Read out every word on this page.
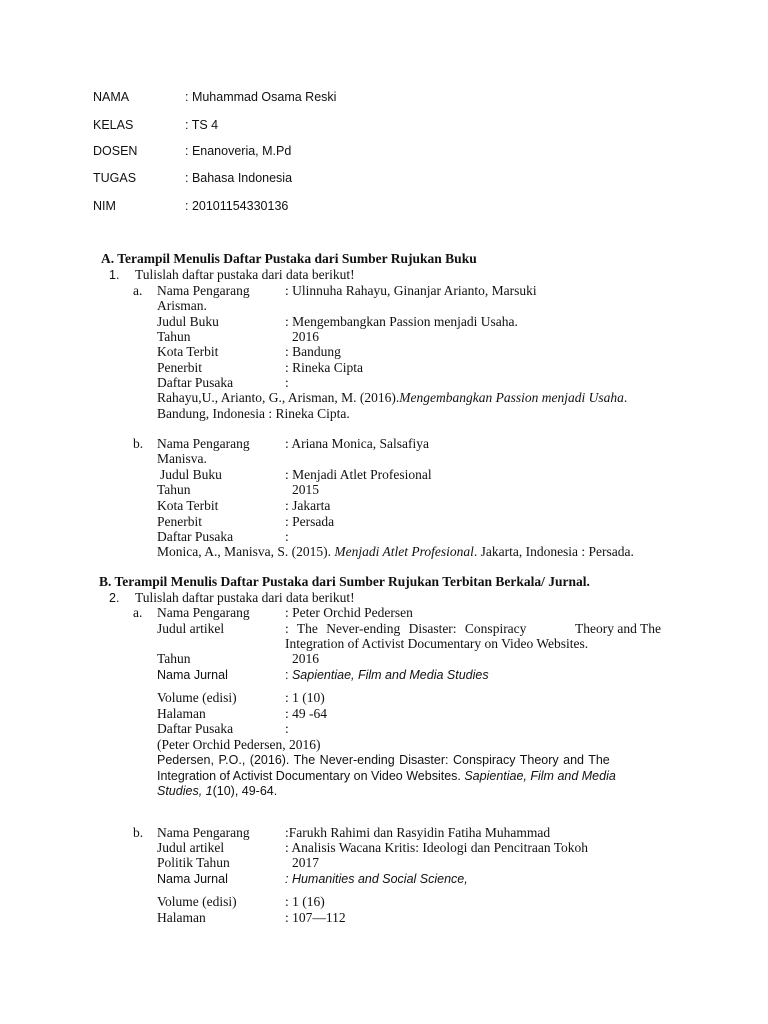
NAMA	: Muhammad Osama Reski
KELAS	: TS 4
DOSEN	: Enanoveria, M.Pd
TUGAS	: Bahasa Indonesia
NIM	: 20101154330136
A. Terampil Menulis Daftar Pustaka dari Sumber Rujukan Buku
1. Tulislah daftar pustaka dari data berikut!
a. Nama Pengarang	: Ulinnuha Rahayu, Ginanjar Arianto, Marsuki
Arisman.
Judul Buku	: Mengembangkan Passion menjadi Usaha.
Tahun	2016
Kota Terbit	: Bandung
Penerbit	: Rineka Cipta
Daftar Pusaka	:
Rahayu,U., Arianto, G., Arisman, M. (2016).Mengembangkan Passion menjadi Usaha.
Bandung, Indonesia : Rineka Cipta.
b. Nama Pengarang	: Ariana Monica, Salsafiya
Manisva.
Judul Buku	: Menjadi Atlet Profesional
Tahun	2015
Kota Terbit	: Jakarta
Penerbit	: Persada
Daftar Pusaka	:
Monica, A., Manisva, S. (2015). Menjadi Atlet Profesional. Jakarta, Indonesia : Persada.
B. Terampil Menulis Daftar Pustaka dari Sumber Rujukan Terbitan Berkala/ Jurnal.
2. Tulislah daftar pustaka dari data berikut!
a. Nama Pengarang	: Peter Orchid Pedersen
Judul artikel	: The Never-ending Disaster: Conspiracy	Theory and The
Integration of Activist Documentary on Video Websites.
Tahun	2016
Nama Jurnal	: Sapientiae, Film and Media Studies
Volume (edisi)	: 1 (10)
Halaman	: 49 -64
Daftar Pusaka	:
(Peter Orchid Pedersen, 2016)
Pedersen, P.O., (2016). The Never-ending Disaster: Conspiracy Theory and The
Integration of Activist Documentary on Video Websites. Sapientiae, Film and Media
Studies, 1(10), 49-64.
b. Nama Pengarang	:Farukh Rahimi dan Rasyidin Fatiha Muhammad
Judul artikel	: Analisis Wacana Kritis: Ideologi dan Pencitraan Tokoh
Politik Tahun	2017
Nama Jurnal	: Humanities and Social Science,
Volume (edisi)	: 1 (16)
Halaman	: 107—112
